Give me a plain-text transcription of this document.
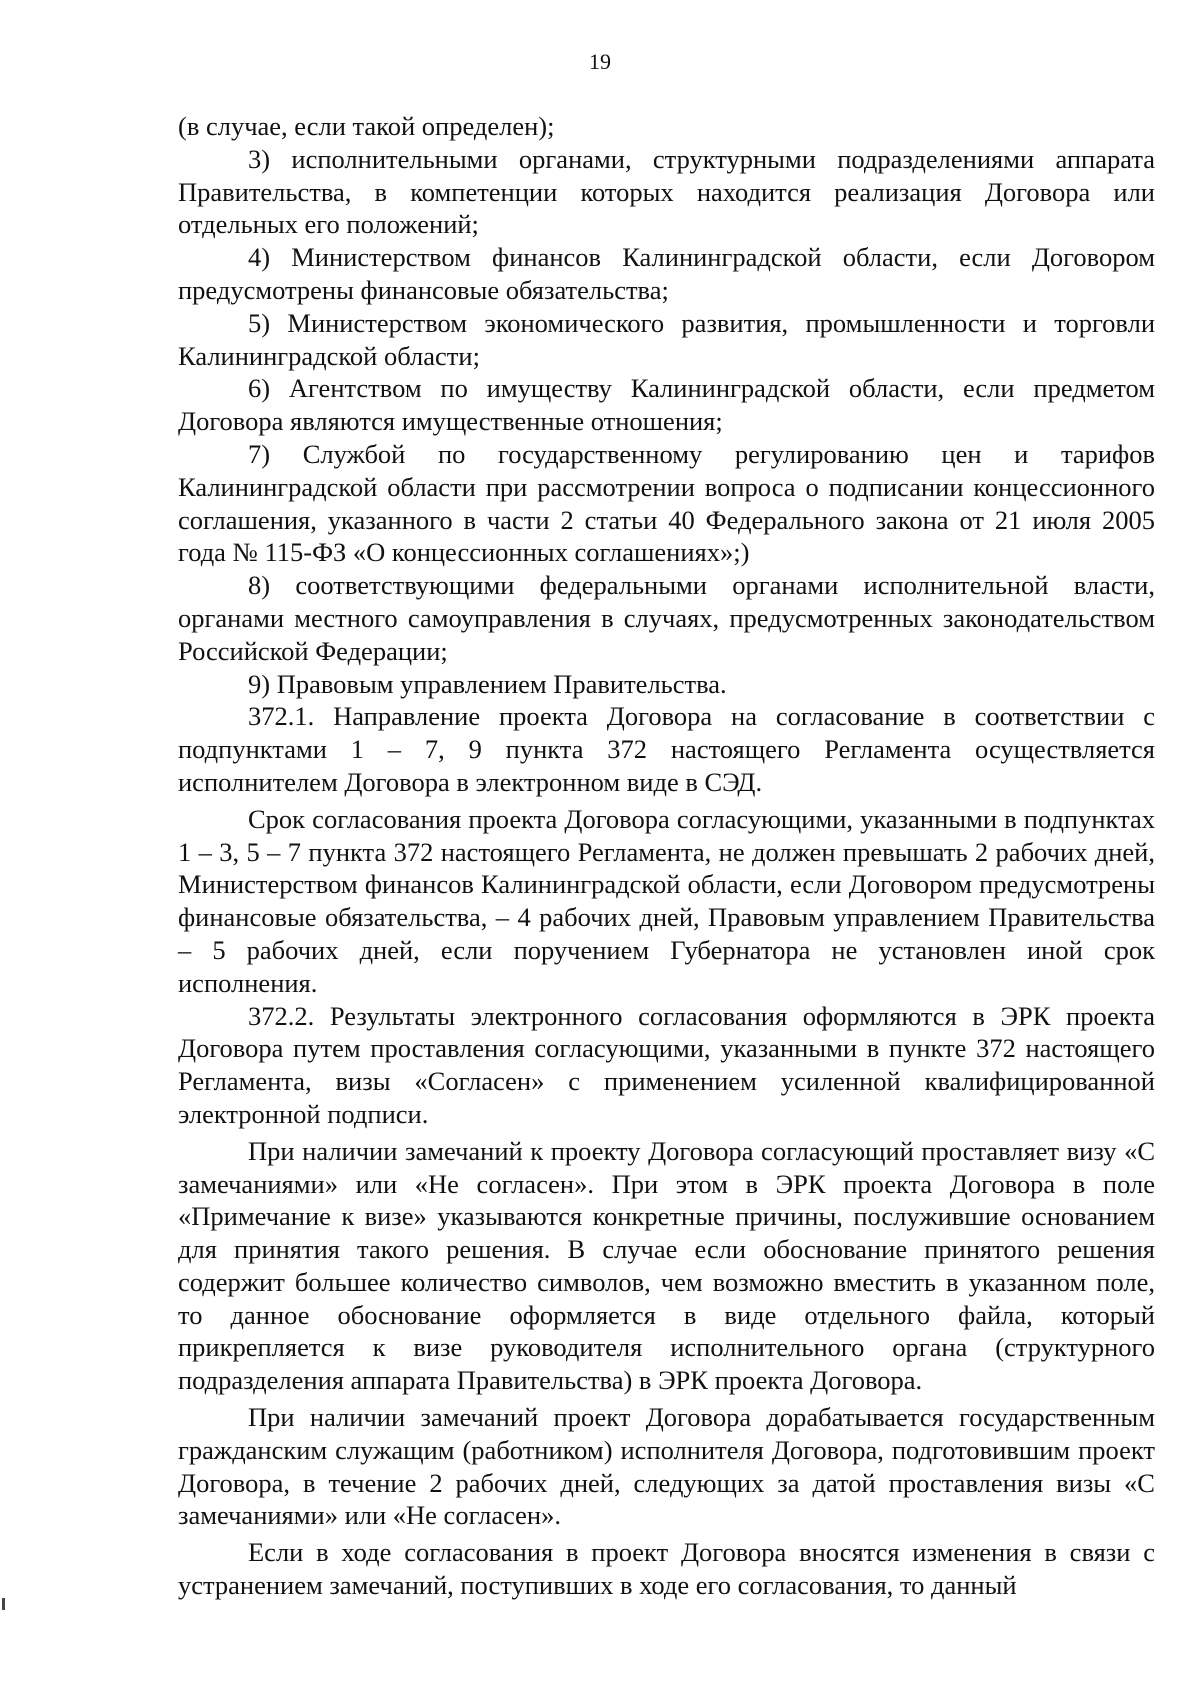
19

(в случае, если такой определен);

3) исполнительными органами, структурными подразделениями аппарата Правительства, в компетенции которых находится реализация Договора или отдельных его положений;

4) Министерством финансов Калининградской области, если Договором предусмотрены финансовые обязательства;

5) Министерством экономического развития, промышленности и торговли Калининградской области;

6) Агентством по имуществу Калининградской области, если предметом Договора являются имущественные отношения;

7) Службой по государственному регулированию цен и тарифов Калининградской области при рассмотрении вопроса о подписании концессионного соглашения, указанного в части 2 статьи 40 Федерального закона от 21 июля 2005 года № 115-ФЗ «О концессионных соглашениях»;)

8) соответствующими федеральными органами исполнительной власти, органами местного самоуправления в случаях, предусмотренных законодательством Российской Федерации;

9) Правовым управлением Правительства.

372.1. Направление проекта Договора на согласование в соответствии с подпунктами 1 – 7, 9 пункта 372 настоящего Регламента осуществляется исполнителем Договора в электронном виде в СЭД.

Срок согласования проекта Договора согласующими, указанными в подпунктах 1 – 3, 5 – 7 пункта 372 настоящего Регламента, не должен превышать 2 рабочих дней, Министерством финансов Калининградской области, если Договором предусмотрены финансовые обязательства, – 4 рабочих дней, Правовым управлением Правительства – 5 рабочих дней, если поручением Губернатора не установлен иной срок исполнения.

372.2. Результаты электронного согласования оформляются в ЭРК проекта Договора путем проставления согласующими, указанными в пункте 372 настоящего Регламента, визы «Согласен» с применением усиленной квалифицированной электронной подписи.

При наличии замечаний к проекту Договора согласующий проставляет визу «С замечаниями» или «Не согласен». При этом в ЭРК проекта Договора в поле «Примечание к визе» указываются конкретные причины, послужившие основанием для принятия такого решения. В случае если обоснование принятого решения содержит большее количество символов, чем возможно вместить в указанном поле, то данное обоснование оформляется в виде отдельного файла, который прикрепляется к визе руководителя исполнительного органа (структурного подразделения аппарата Правительства) в ЭРК проекта Договора.

При наличии замечаний проект Договора дорабатывается государственным гражданским служащим (работником) исполнителя Договора, подготовившим проект Договора, в течение 2 рабочих дней, следующих за датой проставления визы «С замечаниями» или «Не согласен».

Если в ходе согласования в проект Договора вносятся изменения в связи с устранением замечаний, поступивших в ходе его согласования, то данный
